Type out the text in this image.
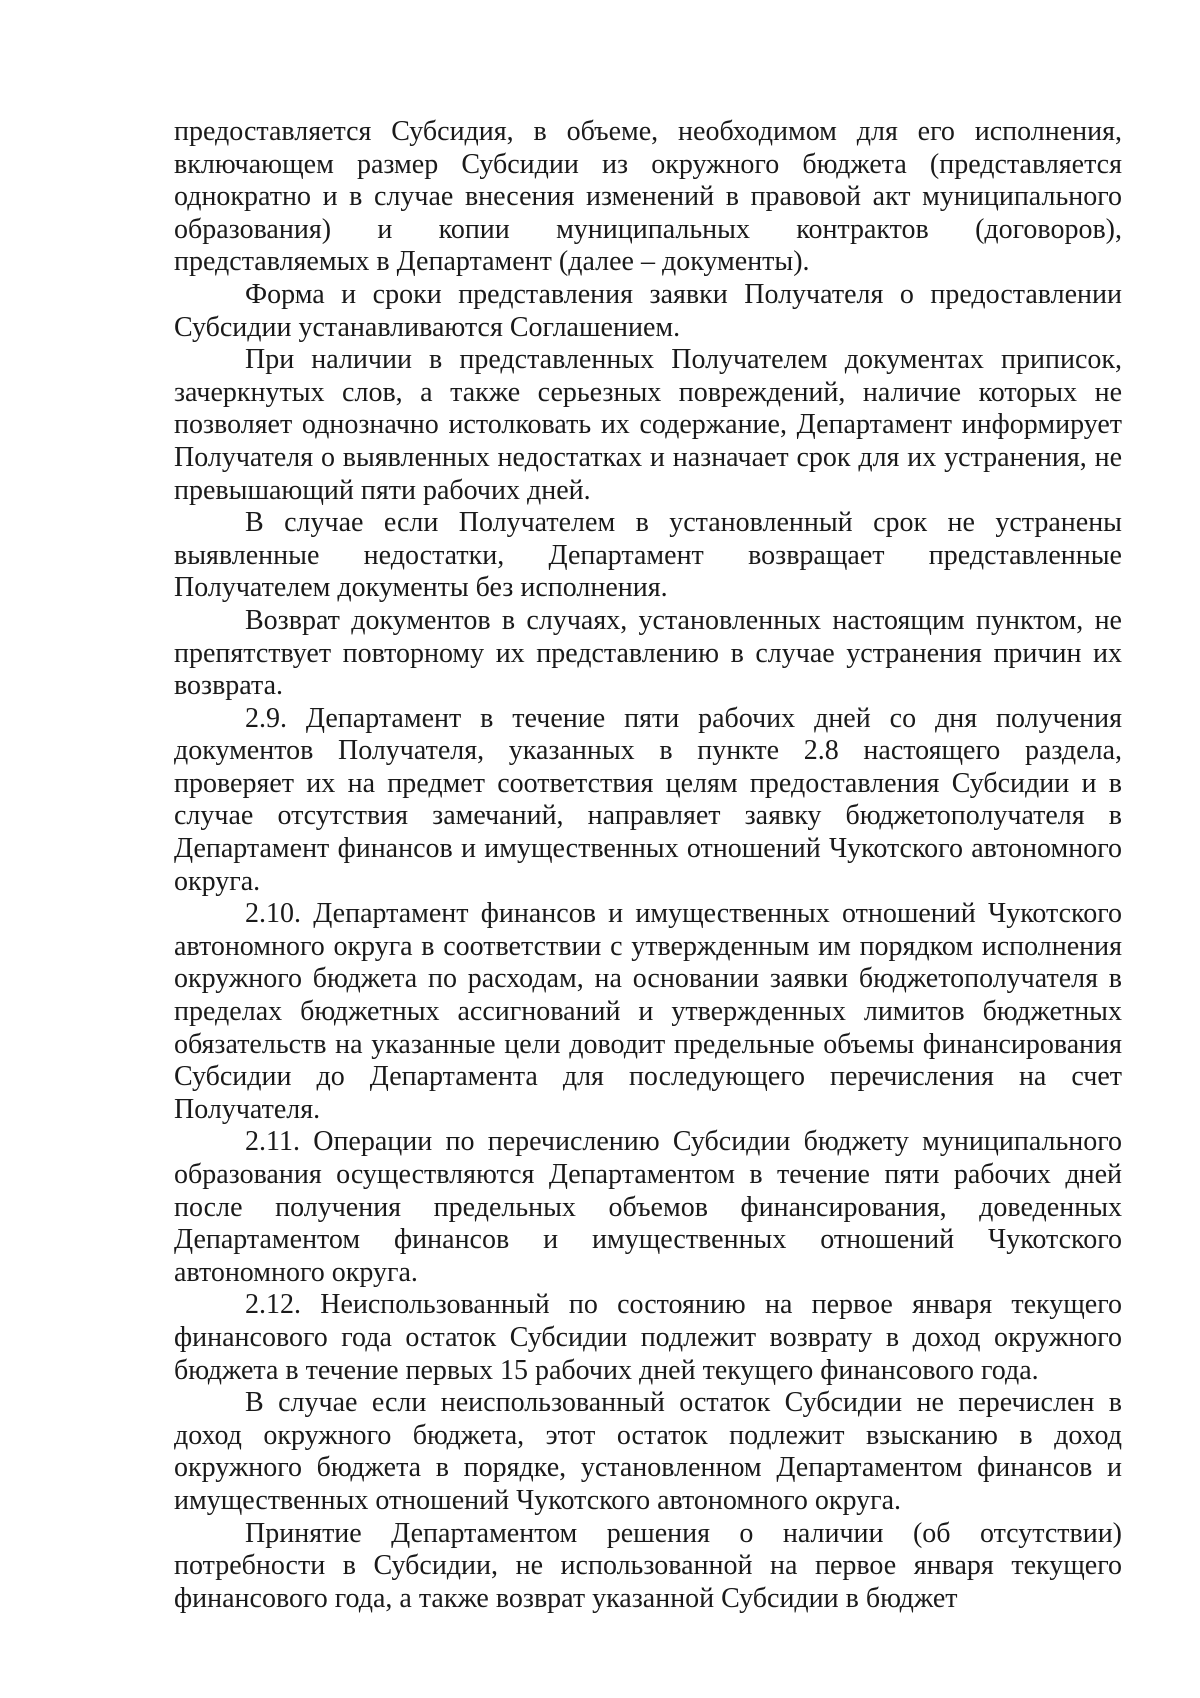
предоставляется Субсидия, в объеме, необходимом для его исполнения, включающем размер Субсидии из окружного бюджета (представляется однократно и в случае внесения изменений в правовой акт муниципального образования) и копии муниципальных контрактов (договоров), представляемых в Департамент (далее – документы).

Форма и сроки представления заявки Получателя о предоставлении Субсидии устанавливаются Соглашением.

При наличии в представленных Получателем документах приписок, зачеркнутых слов, а также серьезных повреждений, наличие которых не позволяет однозначно истолковать их содержание, Департамент информирует Получателя о выявленных недостатках и назначает срок для их устранения, не превышающий пяти рабочих дней.

В случае если Получателем в установленный срок не устранены выявленные недостатки, Департамент возвращает представленные Получателем документы без исполнения.

Возврат документов в случаях, установленных настоящим пунктом, не препятствует повторному их представлению в случае устранения причин их возврата.

2.9. Департамент в течение пяти рабочих дней со дня получения документов Получателя, указанных в пункте 2.8 настоящего раздела, проверяет их на предмет соответствия целям предоставления Субсидии и в случае отсутствия замечаний, направляет заявку бюджетополучателя в Департамент финансов и имущественных отношений Чукотского автономного округа.

2.10. Департамент финансов и имущественных отношений Чукотского автономного округа в соответствии с утвержденным им порядком исполнения окружного бюджета по расходам, на основании заявки бюджетополучателя в пределах бюджетных ассигнований и утвержденных лимитов бюджетных обязательств на указанные цели доводит предельные объемы финансирования Субсидии до Департамента для последующего перечисления на счет Получателя.

2.11. Операции по перечислению Субсидии бюджету муниципального образования осуществляются Департаментом в течение пяти рабочих дней после получения предельных объемов финансирования, доведенных Департаментом финансов и имущественных отношений Чукотского автономного округа.

2.12. Неиспользованный по состоянию на первое января текущего финансового года остаток Субсидии подлежит возврату в доход окружного бюджета в течение первых 15 рабочих дней текущего финансового года.

В случае если неиспользованный остаток Субсидии не перечислен в доход окружного бюджета, этот остаток подлежит взысканию в доход окружного бюджета в порядке, установленном Департаментом финансов и имущественных отношений Чукотского автономного округа.

Принятие Департаментом решения о наличии (об отсутствии) потребности в Субсидии, не использованной на первое января текущего финансового года, а также возврат указанной Субсидии в бюджет
